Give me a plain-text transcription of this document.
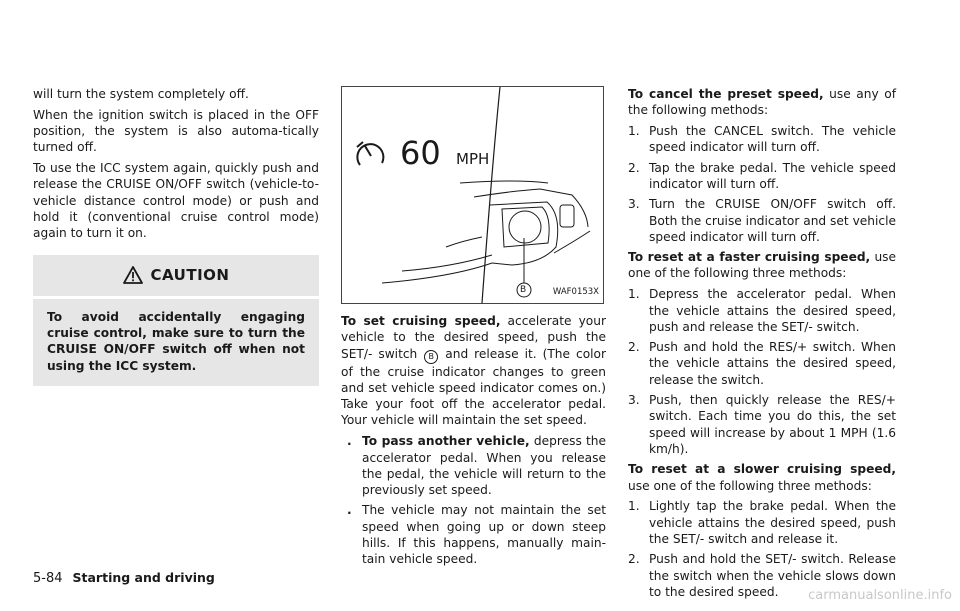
will turn the system completely off.

When the ignition switch is placed in the OFF position, the system is also automa-tically turned off.

To use the ICC system again, quickly push and release the CRUISE ON/OFF switch (vehicle-to-vehicle distance control mode) or push and hold it (conventional cruise control mode) again to turn it on.

CAUTION
To avoid accidentally engaging cruise control, make sure to turn the CRUISE ON/OFF switch off when not using the ICC system.
60 MPH
B	WAF0153X

To set cruising speed, accelerate your vehicle to the desired speed, push the SET/- switch B and release it. (The color of the cruise indicator changes to green and set vehicle speed indicator comes on.) Take your foot off the accelerator pedal. Your vehicle will maintain the set speed.

. To pass another vehicle, depress the accelerator pedal. When you release the pedal, the vehicle will return to the previously set speed.
. The vehicle may not maintain the set speed when going up or down steep hills. If this happens, manually main-tain vehicle speed.

To cancel the preset speed, use any of the following methods:

1. Push the CANCEL switch. The vehicle speed indicator will turn off.
2. Tap the brake pedal. The vehicle speed indicator will turn off.
3. Turn the CRUISE ON/OFF switch off. Both the cruise indicator and set vehicle speed indicator will turn off.

To reset at a faster cruising speed, use one of the following three methods:

1. Depress the accelerator pedal. When the vehicle attains the desired speed, push and release the SET/- switch.
2. Push and hold the RES/+ switch. When the vehicle attains the desired speed, release the switch.
3. Push, then quickly release the RES/+ switch. Each time you do this, the set speed will increase by about 1 MPH (1.6 km/h).

To reset at a slower cruising speed, use one of the following three methods:

1. Lightly tap the brake pedal. When the vehicle attains the desired speed, push the SET/- switch and release it.
2. Push and hold the SET/- switch. Release the switch when the vehicle slows down to the desired speed.
5-84 Starting and driving
carmanualsonline.info
